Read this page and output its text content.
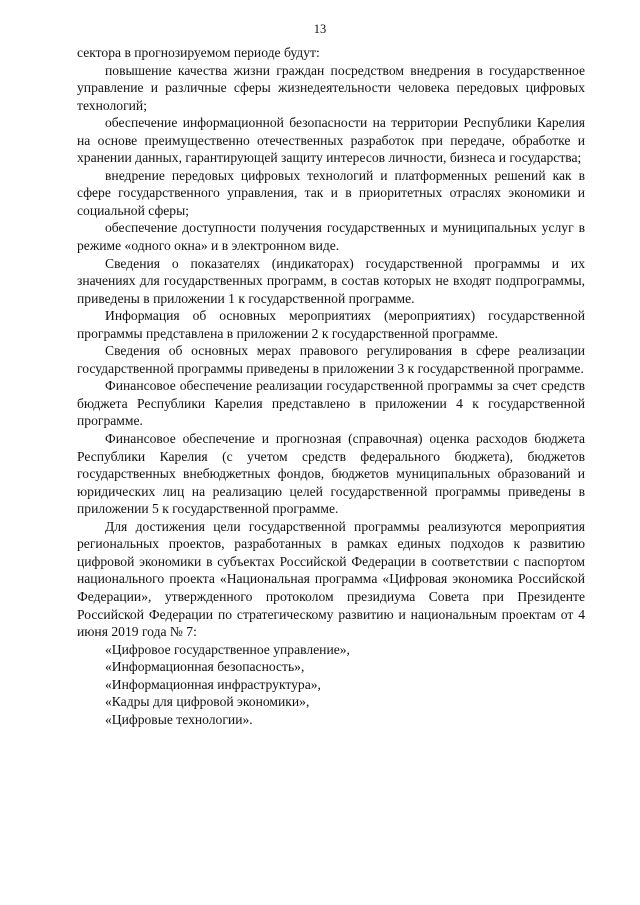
13

сектора в прогнозируемом периоде будут:

повышение качества жизни граждан посредством внедрения в государственное управление и различные сферы жизнедеятельности человека передовых цифровых технологий;

обеспечение информационной безопасности на территории Республики Карелия на основе преимущественно отечественных разработок при передаче, обработке и хранении данных, гарантирующей защиту интересов личности, бизнеса и государства;

внедрение передовых цифровых технологий и платформенных решений как в сфере государственного управления, так и в приоритетных отраслях экономики и социальной сферы;

обеспечение доступности получения государственных и муниципальных услуг в режиме «одного окна» и в электронном виде.

Сведения о показателях (индикаторах) государственной программы и их значениях для государственных программ, в состав которых не входят подпрограммы, приведены в приложении 1 к государственной программе.

Информация об основных мероприятиях (мероприятиях) государственной программы представлена в приложении 2 к государственной программе.

Сведения об основных мерах правового регулирования в сфере реализации государственной программы приведены в приложении 3 к государственной программе.

Финансовое обеспечение реализации государственной программы за счет средств бюджета Республики Карелия представлено в приложении 4 к государственной программе.

Финансовое обеспечение и прогнозная (справочная) оценка расходов бюджета Республики Карелия (с учетом средств федерального бюджета), бюджетов государственных внебюджетных фондов, бюджетов муниципальных образований и юридических лиц на реализацию целей государственной программы приведены в приложении 5 к государственной программе.

Для достижения цели государственной программы реализуются мероприятия региональных проектов, разработанных в рамках единых подходов к развитию цифровой экономики в субъектах Российской Федерации в соответствии с паспортом национального проекта «Национальная программа «Цифровая экономика Российской Федерации», утвержденного протоколом президиума Совета при Президенте Российской Федерации по стратегическому развитию и национальным проектам от 4 июня 2019 года № 7:

«Цифровое государственное управление»,

«Информационная безопасность»,

«Информационная инфраструктура»,

«Кадры для цифровой экономики»,

«Цифровые технологии».
